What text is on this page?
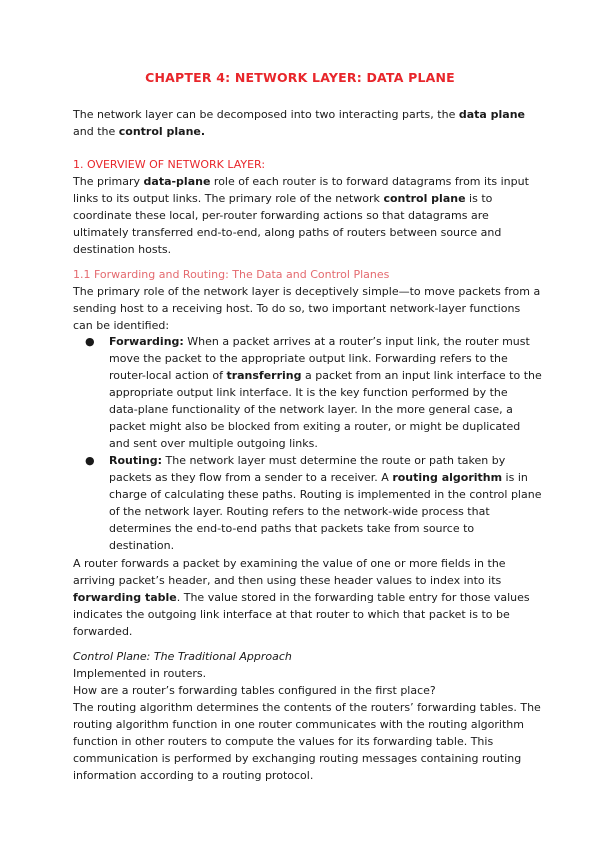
CHAPTER 4: NETWORK LAYER: DATA PLANE
The network layer can be decomposed into two interacting parts, the data plane
and the control plane.
1. OVERVIEW OF NETWORK LAYER:
The primary data-plane role of each router is to forward datagrams from its input
links to its output links. The primary role of the network control plane is to
coordinate these local, per-router forwarding actions so that datagrams are
ultimately transferred end-to-end, along paths of routers between source and
destination hosts.
1.1 Forwarding and Routing: The Data and Control Planes
The primary role of the network layer is deceptively simple—to move packets from a
sending host to a receiving host. To do so, two important network-layer functions
can be identified:
● Forwarding: When a packet arrives at a router’s input link, the router must
move the packet to the appropriate output link. Forwarding refers to the
router-local action of transferring a packet from an input link interface to the
appropriate output link interface. It is the key function performed by the
data-plane functionality of the network layer. In the more general case, a
packet might also be blocked from exiting a router, or might be duplicated
and sent over multiple outgoing links.
● Routing: The network layer must determine the route or path taken by
packets as they flow from a sender to a receiver. A routing algorithm is in
charge of calculating these paths. Routing is implemented in the control plane
of the network layer. Routing refers to the network-wide process that
determines the end-to-end paths that packets take from source to
destination.
A router forwards a packet by examining the value of one or more fields in the
arriving packet’s header, and then using these header values to index into its
forwarding table. The value stored in the forwarding table entry for those values
indicates the outgoing link interface at that router to which that packet is to be
forwarded.
Control Plane: The Traditional Approach
Implemented in routers.
How are a router’s forwarding tables configured in the first place?
The routing algorithm determines the contents of the routers’ forwarding tables. The
routing algorithm function in one router communicates with the routing algorithm
function in other routers to compute the values for its forwarding table. This
communication is performed by exchanging routing messages containing routing
information according to a routing protocol.
